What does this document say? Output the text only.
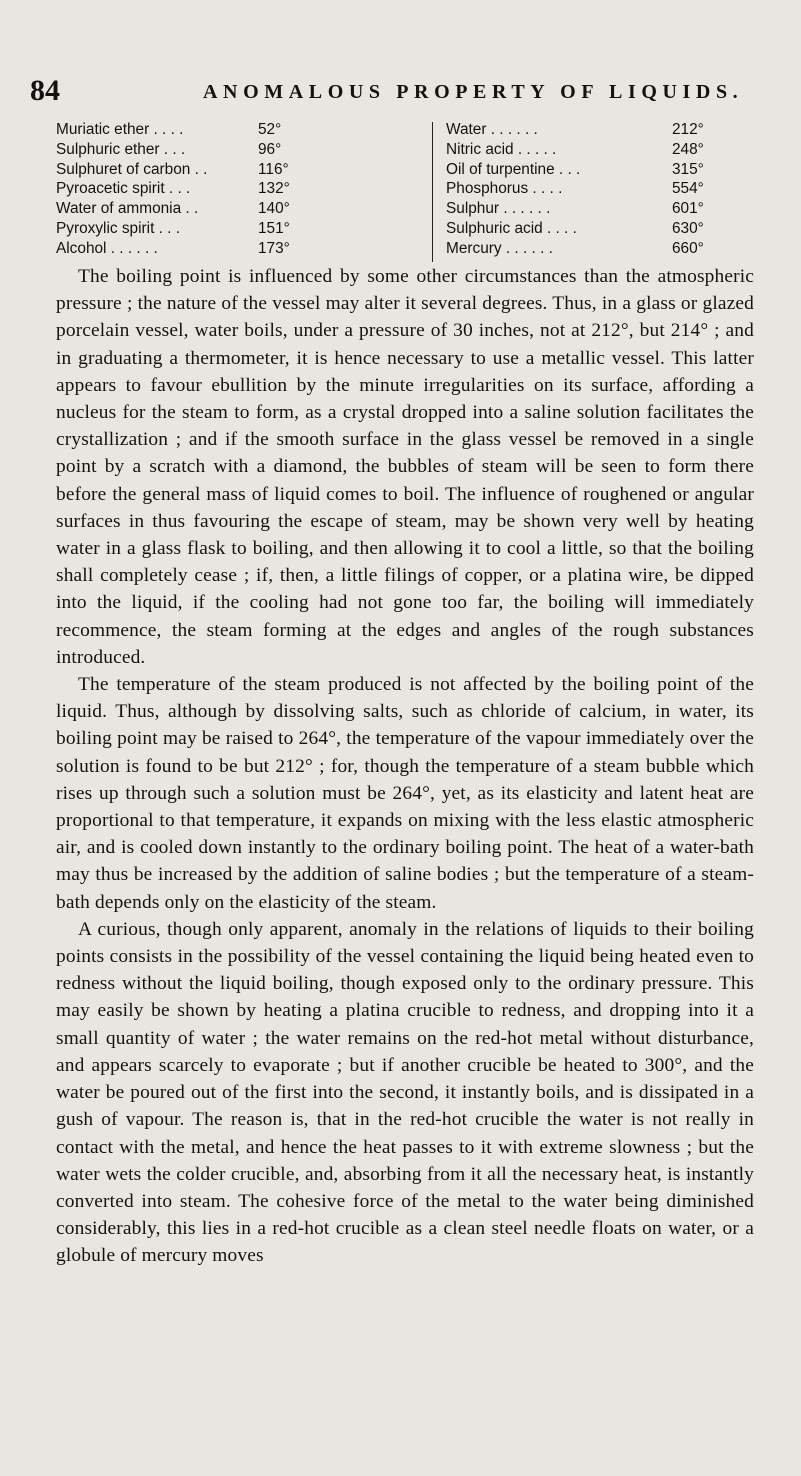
84	ANOMALOUS PROPERTY OF LIQUIDS.
Muriatic ether . . . .	52°
Sulphuric ether . . .	96°
Sulphuret of carbon . .	116°
Pyroacetic spirit . . .	132°
Water of ammonia . .	140°
Pyroxylic spirit . . .	151°
Alcohol . . . . . .	173°
Water . . . . . .	212°
Nitric acid . . . . .	248°
Oil of turpentine . . .	315°
Phosphorus . . . .	554°
Sulphur . . . . . .	601°
Sulphuric acid . . . .	630°
Mercury . . . . . .	660°

The boiling point is influenced by some other circumstances than the atmospheric pressure ; the nature of the vessel may alter it several degrees. Thus, in a glass or glazed porcelain vessel, water boils, under a pressure of 30 inches, not at 212°, but 214° ; and in graduating a thermometer, it is hence necessary to use a metallic vessel. This latter appears to favour ebullition by the minute irregularities on its surface, affording a nucleus for the steam to form, as a crystal dropped into a saline solution facilitates the crystallization ; and if the smooth surface in the glass vessel be removed in a single point by a scratch with a diamond, the bubbles of steam will be seen to form there before the general mass of liquid comes to boil. The influence of roughened or angular surfaces in thus favouring the escape of steam, may be shown very well by heating water in a glass flask to boiling, and then allowing it to cool a little, so that the boiling shall completely cease ; if, then, a little filings of copper, or a platina wire, be dipped into the liquid, if the cooling had not gone too far, the boiling will immediately recommence, the steam forming at the edges and angles of the rough substances introduced.

The temperature of the steam produced is not affected by the boiling point of the liquid. Thus, although by dissolving salts, such as chloride of calcium, in water, its boiling point may be raised to 264°, the temperature of the vapour immediately over the solution is found to be but 212° ; for, though the temperature of a steam bubble which rises up through such a solution must be 264°, yet, as its elasticity and latent heat are proportional to that temperature, it expands on mixing with the less elastic atmospheric air, and is cooled down instantly to the ordinary boiling point. The heat of a water-bath may thus be increased by the addition of saline bodies ; but the temperature of a steam-bath depends only on the elasticity of the steam.

A curious, though only apparent, anomaly in the relations of liquids to their boiling points consists in the possibility of the vessel containing the liquid being heated even to redness without the liquid boiling, though exposed only to the ordinary pressure. This may easily be shown by heating a platina crucible to redness, and dropping into it a small quantity of water ; the water remains on the red-hot metal without disturbance, and appears scarcely to evaporate ; but if another crucible be heated to 300°, and the water be poured out of the first into the second, it instantly boils, and is dissipated in a gush of vapour. The reason is, that in the red-hot crucible the water is not really in contact with the metal, and hence the heat passes to it with extreme slowness ; but the water wets the colder crucible, and, absorbing from it all the necessary heat, is instantly converted into steam. The cohesive force of the metal to the water being diminished considerably, this lies in a red-hot crucible as a clean steel needle floats on water, or a globule of mercury moves
